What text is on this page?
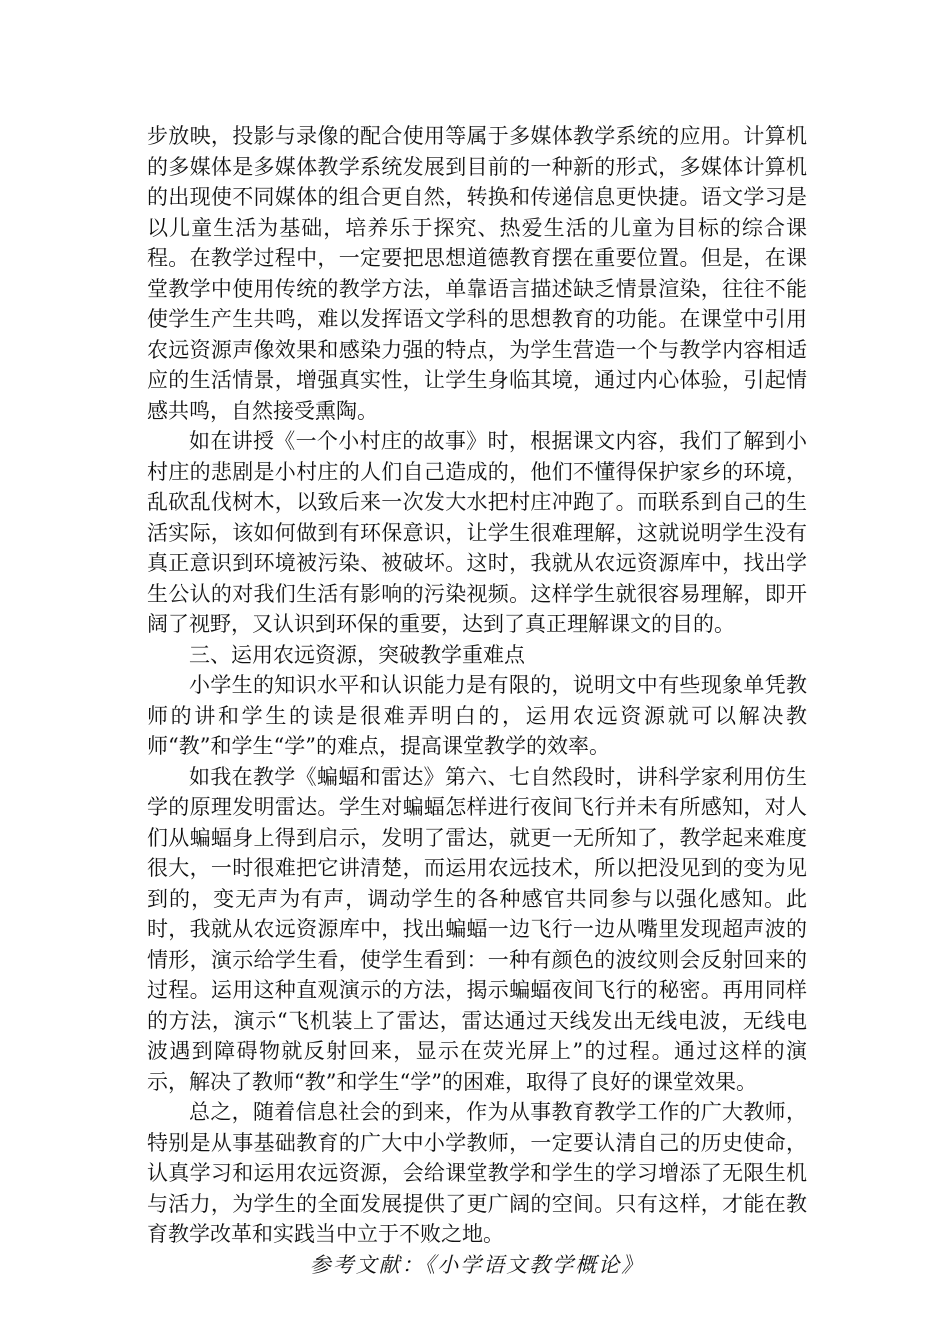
步放映，投影与录像的配合使用等属于多媒体教学系统的应用。计算机的多媒体是多媒体教学系统发展到目前的一种新的形式，多媒体计算机的出现使不同媒体的组合更自然，转换和传递信息更快捷。语文学习是以儿童生活为基础，培养乐于探究、热爱生活的儿童为目标的综合课程。在教学过程中，一定要把思想道德教育摆在重要位置。但是，在课堂教学中使用传统的教学方法，单靠语言描述缺乏情景渲染，往往不能使学生产生共鸣，难以发挥语文学科的思想教育的功能。在课堂中引用农远资源声像效果和感染力强的特点，为学生营造一个与教学内容相适应的生活情景，增强真实性，让学生身临其境，通过内心体验，引起情感共鸣，自然接受熏陶。

如在讲授《一个小村庄的故事》时，根据课文内容，我们了解到小村庄的悲剧是小村庄的人们自己造成的，他们不懂得保护家乡的环境，乱砍乱伐树木，以致后来一次发大水把村庄冲跑了。而联系到自己的生活实际，该如何做到有环保意识，让学生很难理解，这就说明学生没有真正意识到环境被污染、被破坏。这时，我就从农远资源库中，找出学生公认的对我们生活有影响的污染视频。这样学生就很容易理解，即开阔了视野，又认识到环保的重要，达到了真正理解课文的目的。

三、运用农远资源，突破教学重难点

小学生的知识水平和认识能力是有限的，说明文中有些现象单凭教师的讲和学生的读是很难弄明白的，运用农远资源就可以解决教师“教”和学生“学”的难点，提高课堂教学的效率。

如我在教学《蝙蝠和雷达》第六、七自然段时，讲科学家利用仿生学的原理发明雷达。学生对蝙蝠怎样进行夜间飞行并未有所感知，对人们从蝙蝠身上得到启示，发明了雷达，就更一无所知了，教学起来难度很大，一时很难把它讲清楚，而运用农远技术，所以把没见到的变为见到的，变无声为有声，调动学生的各种感官共同参与以强化感知。此时，我就从农远资源库中，找出蝙蝠一边飞行一边从嘴里发现超声波的情形，演示给学生看，使学生看到：一种有颜色的波纹则会反射回来的过程。运用这种直观演示的方法，揭示蝙蝠夜间飞行的秘密。再用同样的方法，演示“飞机装上了雷达，雷达通过天线发出无线电波，无线电波遇到障碍物就反射回来，显示在荧光屏上”的过程。通过这样的演示，解决了教师“教”和学生“学”的困难，取得了良好的课堂效果。

总之，随着信息社会的到来，作为从事教育教学工作的广大教师，特别是从事基础教育的广大中小学教师，一定要认清自己的历史使命，认真学习和运用农远资源，会给课堂教学和学生的学习增添了无限生机与活力，为学生的全面发展提供了更广阔的空间。只有这样，才能在教育教学改革和实践当中立于不败之地。

参考文献：《小学语文教学概论》
